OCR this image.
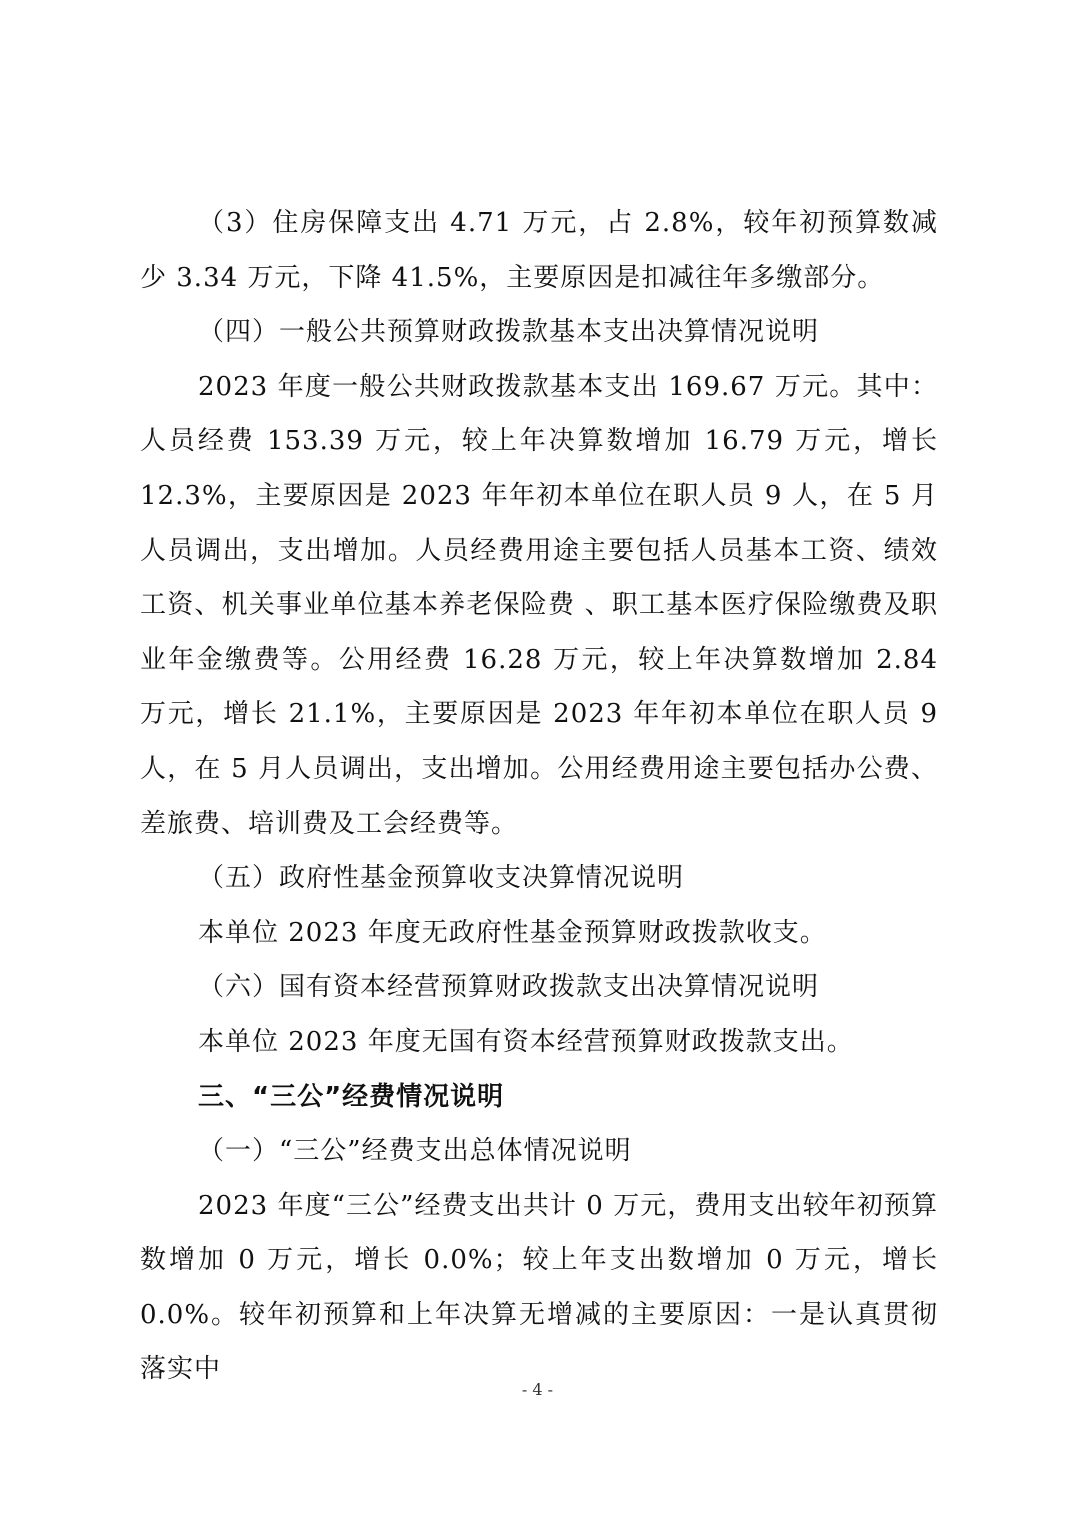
（3）住房保障支出 4.71 万元，占 2.8%，较年初预算数减少 3.34 万元，下降 41.5%，主要原因是扣减往年多缴部分。

（四）一般公共预算财政拨款基本支出决算情况说明

2023 年度一般公共财政拨款基本支出 169.67 万元。其中：人员经费 153.39 万元，较上年决算数增加 16.79 万元，增长 12.3%，主要原因是 2023 年年初本单位在职人员 9 人，在 5 月人员调出，支出增加。人员经费用途主要包括人员基本工资、绩效工资、机关事业单位基本养老保险费 、职工基本医疗保险缴费及职业年金缴费等。公用经费 16.28 万元，较上年决算数增加 2.84 万元，增长 21.1%，主要原因是 2023 年年初本单位在职人员 9 人，在 5 月人员调出，支出增加。公用经费用途主要包括办公费、差旅费、培训费及工会经费等。

（五）政府性基金预算收支决算情况说明

本单位 2023 年度无政府性基金预算财政拨款收支。

（六）国有资本经营预算财政拨款支出决算情况说明

本单位 2023 年度无国有资本经营预算财政拨款支出。

三、“三公”经费情况说明

（一）“三公”经费支出总体情况说明

2023 年度“三公”经费支出共计 0 万元，费用支出较年初预算数增加 0 万元，增长 0.0%；较上年支出数增加 0 万元，增长 0.0%。较年初预算和上年决算无增减的主要原因：一是认真贯彻落实中

- 4 -
